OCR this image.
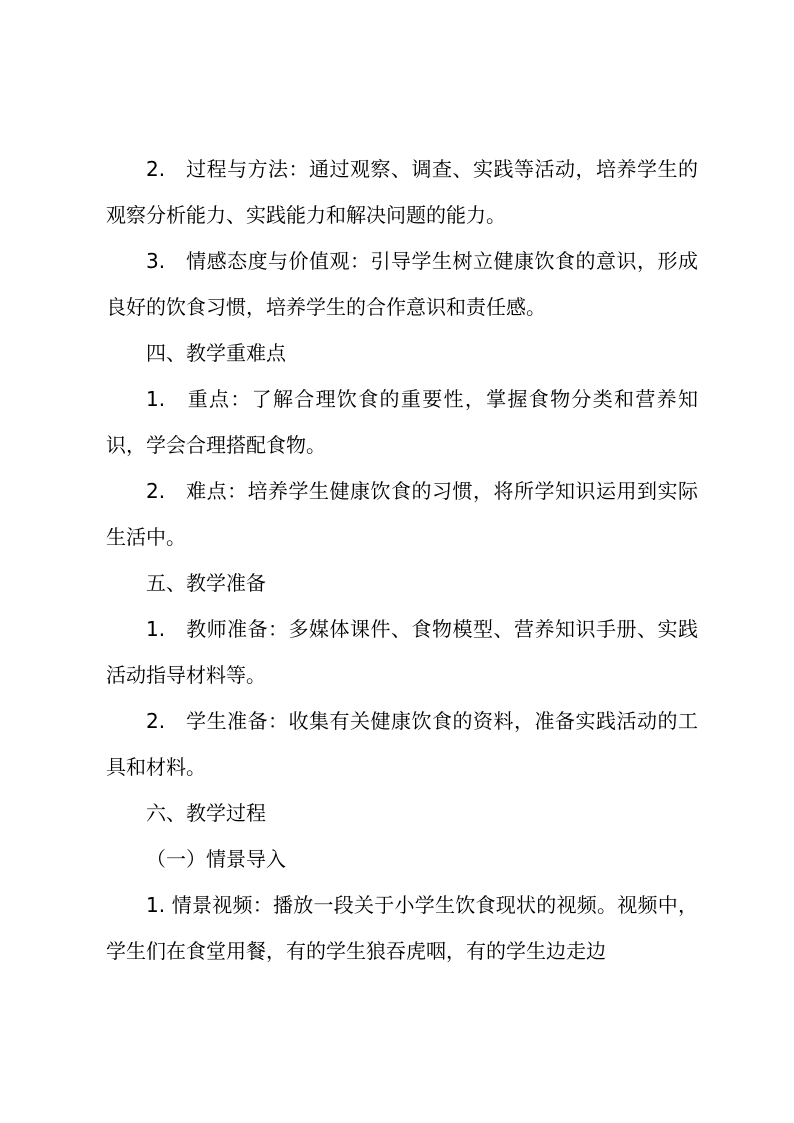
2.　过程与方法：通过观察、调查、实践等活动，培养学生的观察分析能力、实践能力和解决问题的能力。

3.　情感态度与价值观：引导学生树立健康饮食的意识，形成良好的饮食习惯，培养学生的合作意识和责任感。

四、教学重难点

1.　重点：了解合理饮食的重要性，掌握食物分类和营养知识，学会合理搭配食物。

2.　难点：培养学生健康饮食的习惯，将所学知识运用到实际生活中。

五、教学准备

1.　教师准备：多媒体课件、食物模型、营养知识手册、实践活动指导材料等。

2.　学生准备：收集有关健康饮食的资料，准备实践活动的工具和材料。

六、教学过程

（一）情景导入

1. 情景视频：播放一段关于小学生饮食现状的视频。视频中，学生们在食堂用餐，有的学生狼吞虎咽，有的学生边走边
